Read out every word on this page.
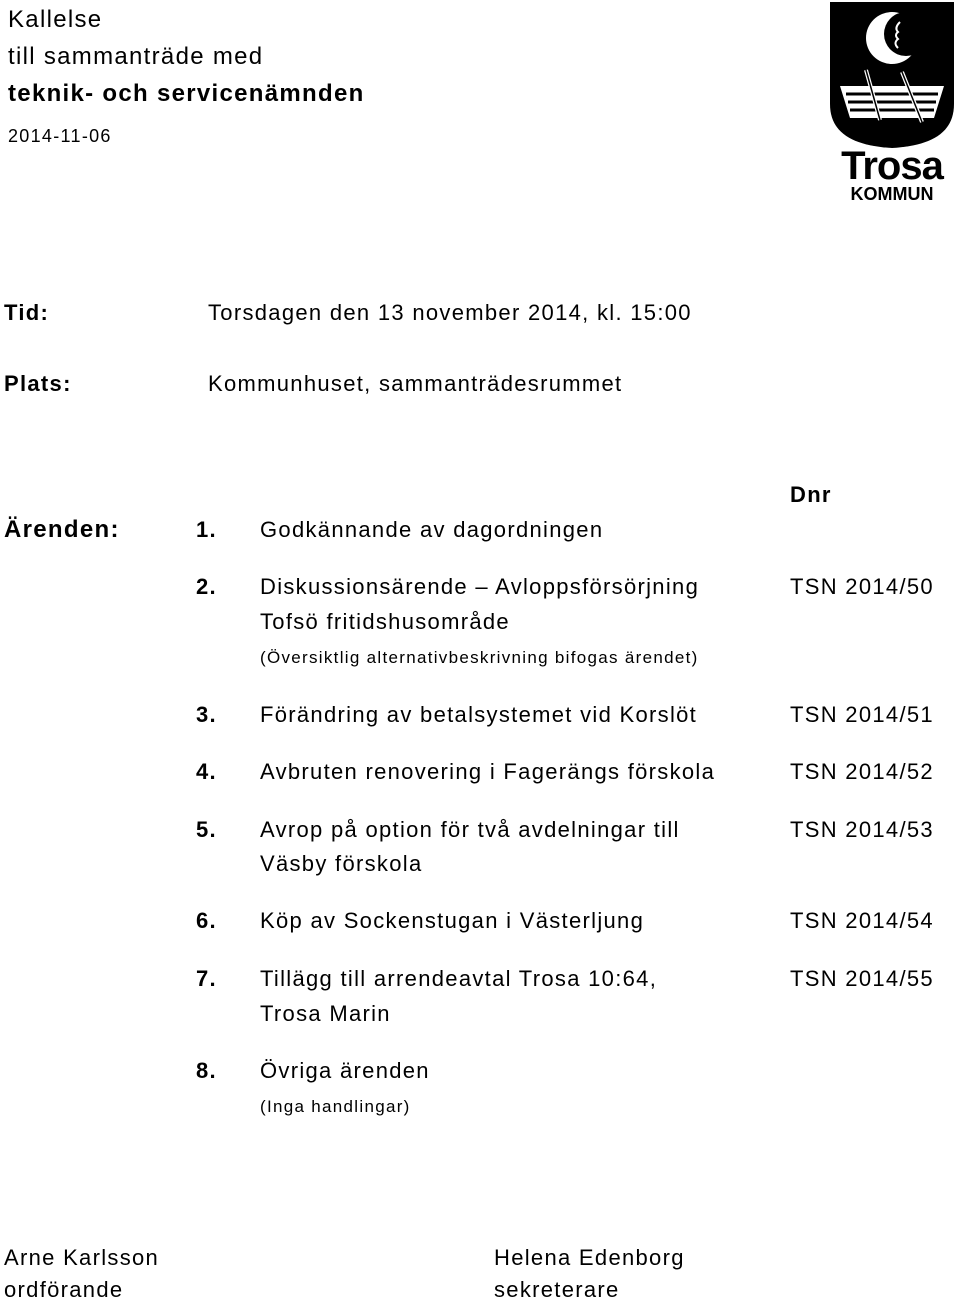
Kallelse
till sammanträde med
teknik- och servicenämnden
2014-11-06
Trosa
KOMMUN
Tid:	Torsdagen den 13 november 2014, kl. 15:00
Plats:	Kommunhuset, sammanträdesrummet
Dnr
Ärenden:	1. Godkännande av dagordningen
2. Diskussionsärende – Avloppsförsörjning
Tofsö fritidshusområde
(Översiktlig alternativbeskrivning bifogas ärendet)
TSN 2014/50
3. Förändring av betalsystemet vid Korslöt	TSN 2014/51
4. Avbruten renovering i Fagerängs förskola	TSN 2014/52
5. Avrop på option för två avdelningar till
Väsby förskola
TSN 2014/53
6. Köp av Sockenstugan i Västerljung	TSN 2014/54
7. Tillägg till arrendeavtal Trosa 10:64,
Trosa Marin
TSN 2014/55
8. Övriga ärenden
(Inga handlingar)
Arne Karlsson
ordförande
Helena Edenborg
sekreterare
